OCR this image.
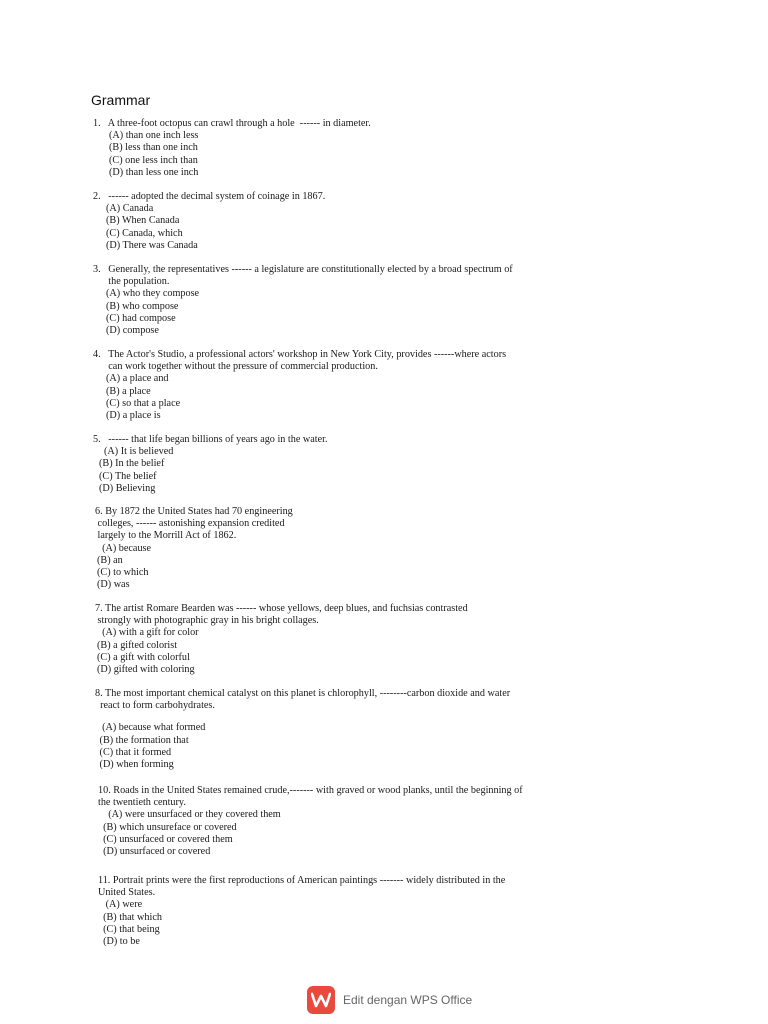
Grammar
1.   A three-foot octopus can crawl through a hole  ------ in diameter.
(A) than one inch less
(B) less than one inch
(C) one less inch than
(D) than less one inch
2.   ------ adopted the decimal system of coinage in 1867.
(A) Canada
(B) When Canada
(C) Canada, which
(D) There was Canada
3.   Generally, the representatives ------ a legislature are constitutionally elected by a broad spectrum of
the population.
(A) who they compose
(B) who compose
(C) had compose
(D) compose
4.   The Actor's Studio, a professional actors' workshop in New York City, provides ------where actors
can work together without the pressure of commercial production.
(A) a place and
(B) a place
(C) so that a place
(D) a place is
5.   ------ that life began billions of years ago in the water.
(A) It is believed
(B) In the belief
(C) The belief
(D) Believing
6. By 1872 the United States had 70 engineering
colleges, ------ astonishing expansion credited
largely to the Morrill Act of 1862.
(A) because
(B) an
(C) to which
(D) was
7. The artist Romare Bearden was ------ whose yellows, deep blues, and fuchsias contrasted
strongly with photographic gray in his bright collages.
(A) with a gift for color
(B) a gifted colorist
(C) a gift with colorful
(D) gifted with coloring
8. The most important chemical catalyst on this planet is chlorophyll, --------carbon dioxide and water
react to form carbohydrates.
(A) because what formed
(B) the formation that
(C) that it formed
(D) when forming
10. Roads in the United States remained crude,------- with graved or wood planks, until the beginning of
the twentieth century.
(A) were unsurfaced or they covered them
(B) which unsureface or covered
(C) unsurfaced or covered them
(D) unsurfaced or covered
11. Portrait prints were the first reproductions of American paintings ------- widely distributed in the
United States.
(A) were
(B) that which
(C) that being
(D) to be
Edit dengan WPS Office
